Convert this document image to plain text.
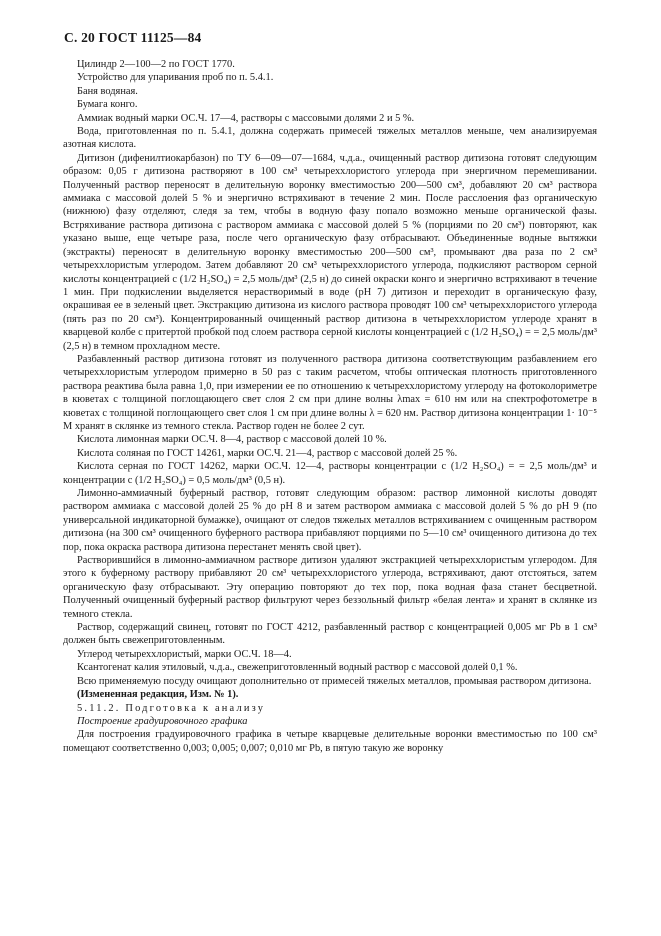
С. 20 ГОСТ 11125—84

Цилиндр 2—100—2 по ГОСТ 1770.

Устройство для упаривания проб по п. 5.4.1.

Баня водяная.

Бумага конго.

Аммиак водный марки ОС.Ч. 17—4, растворы с массовыми долями 2 и 5 %.

Вода, приготовленная по п. 5.4.1, должна содержать примесей тяжелых металлов меньше, чем анализируемая азотная кислота.

Дитизон (дифенилтиокарбазон) по ТУ 6—09—07—1684, ч.д.а., очищенный раствор дитизона готовят следующим образом: 0,05 г дитизона растворяют в 100 см³ четыреххлористого углерода при энергичном перемешивании. Полученный раствор переносят в делительную воронку вместимостью 200—500 см³, добавляют 20 см³ раствора аммиака с массовой долей 5 % и энергично встряхивают в течение 2 мин. После расслоения фаз органическую (нижнюю) фазу отделяют, следя за тем, чтобы в водную фазу попало возможно меньше органической фазы. Встряхивание раствора дитизона с раствором аммиака с массовой долей 5 % (порциями по 20 см³) повторяют, как указано выше, еще четыре раза, после чего органическую фазу отбрасывают. Объединенные водные вытяжки (экстракты) переносят в делительную воронку вместимостью 200—500 см³, промывают два раза по 2 см³ четыреххлористым углеродом. Затем добавляют 20 см³ четыреххлористого углерода, подкисляют раствором серной кислоты концентрацией c (1/2 H₂SO₄) = 2,5 моль/дм³ (2,5 н) до синей окраски конго и энергично встряхивают в течение 1 мин. При подкислении выделяется нерастворимый в воде (pH 7) дитизон и переходит в органическую фазу, окрашивая ее в зеленый цвет. Экстракцию дитизона из кислого раствора проводят 100 см³ четыреххлористого углерода (пять раз по 20 см³). Концентрированный очищенный раствор дитизона в четыреххлористом углероде хранят в кварцевой колбе с притертой пробкой под слоем раствора серной кислоты концентрацией c (1/2 H₂SO₄) = = 2,5 моль/дм³ (2,5 н) в темном прохладном месте.

Разбавленный раствор дитизона готовят из полученного раствора дитизона соответствующим разбавлением его четыреххлористым углеродом примерно в 50 раз с таким расчетом, чтобы оптическая плотность приготовленного раствора реактива была равна 1,0, при измерении ее по отношению к четыреххлористому углероду на фотоколориметре в кюветах с толщиной поглощающего свет слоя 2 см при длине волны λmax = 610 нм или на спектрофотометре в кюветах с толщиной поглощающего свет слоя 1 см при длине волны λ = 620 нм. Раствор дитизона концентрации 1· 10⁻⁵ M хранят в склянке из темного стекла. Раствор годен не более 2 сут.

Кислота лимонная марки ОС.Ч. 8—4, раствор с массовой долей 10 %.

Кислота соляная по ГОСТ 14261, марки ОС.Ч. 21—4, раствор с массовой долей 25 %.

Кислота серная по ГОСТ 14262, марки ОС.Ч. 12—4, растворы концентрации c (1/2 H₂SO₄) = = 2,5 моль/дм³ и концентрации c (1/2 H₂SO₄) = 0,5 моль/дм³ (0,5 н).

Лимонно-аммиачный буферный раствор, готовят следующим образом: раствор лимонной кислоты доводят раствором аммиака с массовой долей 25 % до pH 8 и затем раствором аммиака с массовой долей 5 % до pH 9 (по универсальной индикаторной бумажке), очищают от следов тяжелых металлов встряхиванием с очищенным раствором дитизона (на 300 см³ очищенного буферного раствора прибавляют порциями по 5—10 см³ очищенного дитизона до тех пор, пока окраска раствора дитизона перестанет менять свой цвет).

Растворившийся в лимонно-аммиачном растворе дитизон удаляют экстракцией четыреххлористым углеродом. Для этого к буферному раствору прибавляют 20 см³ четыреххлористого углерода, встряхивают, дают отстояться, затем органическую фазу отбрасывают. Эту операцию повторяют до тех пор, пока водная фаза станет бесцветной. Полученный очищенный буферный раствор фильтруют через беззольный фильтр «белая лента» и хранят в склянке из темного стекла.

Раствор, содержащий свинец, готовят по ГОСТ 4212, разбавленный раствор с концентрацией 0,005 мг Pb в 1 см³ должен быть свежеприготовленным.

Углерод четыреххлористый, марки ОС.Ч. 18—4.

Ксантогенат калия этиловый, ч.д.а., свежеприготовленный водный раствор с массовой долей 0,1 %.

Всю применяемую посуду очищают дополнительно от примесей тяжелых металлов, промывая раствором дитизона.

(Измененная редакция, Изм. № 1).

5.11.2. Подготовка к анализу

Построение градуировочного графика

Для построения градуировочного графика в четыре кварцевые делительные воронки вместимостью по 100 см³ помещают соответственно 0,003; 0,005; 0,007; 0,010 мг Pb, в пятую такую же воронку
